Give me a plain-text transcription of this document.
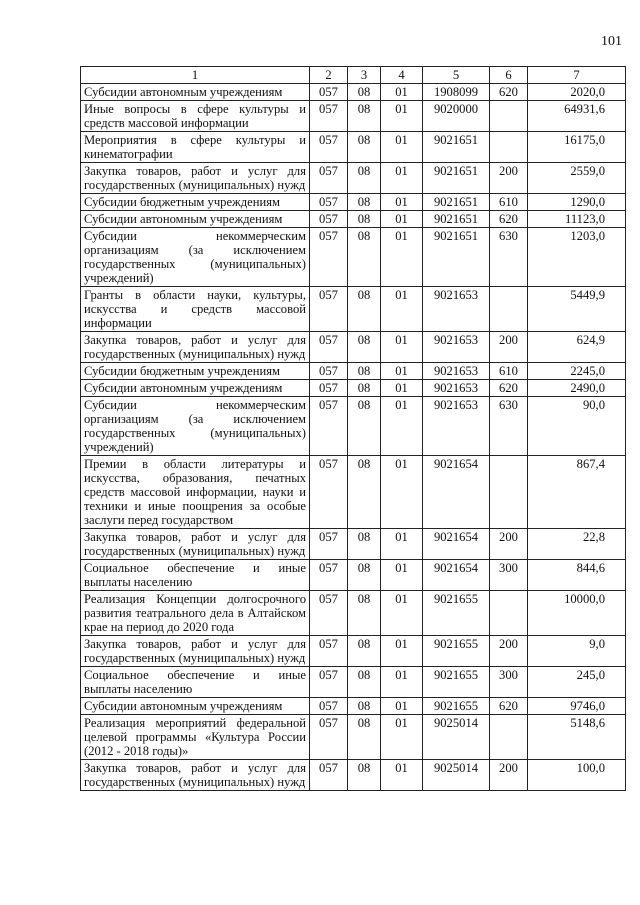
101
1	2	3	4	5	6	7
Субсидии автономным учреждениям	057	08	01	1908099	620	2020,0
Иные вопросы в сфере культуры и средств массовой информации	057	08	01	9020000		64931,6
Мероприятия в сфере культуры и кинематографии	057	08	01	9021651		16175,0
Закупка товаров, работ и услуг для государственных (муниципальных) нужд	057	08	01	9021651	200	2559,0
Субсидии бюджетным учреждениям	057	08	01	9021651	610	1290,0
Субсидии автономным учреждениям	057	08	01	9021651	620	11123,0
Субсидии некоммерческим организациям (за исключением государственных (муниципальных) учреждений)	057	08	01	9021651	630	1203,0
Гранты в области науки, культуры, искусства и средств массовой информации	057	08	01	9021653		5449,9
Закупка товаров, работ и услуг для государственных (муниципальных) нужд	057	08	01	9021653	200	624,9
Субсидии бюджетным учреждениям	057	08	01	9021653	610	2245,0
Субсидии автономным учреждениям	057	08	01	9021653	620	2490,0
Субсидии некоммерческим организациям (за исключением государственных (муниципальных) учреждений)	057	08	01	9021653	630	90,0
Премии в области литературы и искусства, образования, печатных средств массовой информации, науки и техники и иные поощрения за особые заслуги перед государством	057	08	01	9021654		867,4
Закупка товаров, работ и услуг для государственных (муниципальных) нужд	057	08	01	9021654	200	22,8
Социальное обеспечение и иные выплаты населению	057	08	01	9021654	300	844,6
Реализация Концепции долгосрочного развития театрального дела в Алтайском крае на период до 2020 года	057	08	01	9021655		10000,0
Закупка товаров, работ и услуг для государственных (муниципальных) нужд	057	08	01	9021655	200	9,0
Социальное обеспечение и иные выплаты населению	057	08	01	9021655	300	245,0
Субсидии автономным учреждениям	057	08	01	9021655	620	9746,0
Реализация мероприятий федеральной целевой программы «Культура России (2012 - 2018 годы)»	057	08	01	9025014		5148,6
Закупка товаров, работ и услуг для государственных (муниципальных) нужд	057	08	01	9025014	200	100,0
